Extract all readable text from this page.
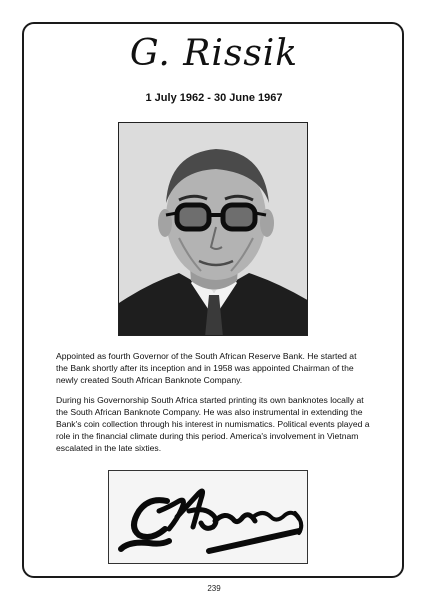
G. Rissik
1 July 1962 - 30 June 1967

Appointed as fourth Governor of the South African Reserve Bank. He started at the Bank shortly after its inception and in 1958 was appointed Chairman of the newly created South African Banknote Company.

During his Governorship South Africa started printing its own banknotes locally at the South African Banknote Company. He was also instrumental in extending the Bank's coin collection through his interest in numismatics. Political events played a role in the financial climate during this period. America's involvement in Vietnam escalated in the late sixties.

239
